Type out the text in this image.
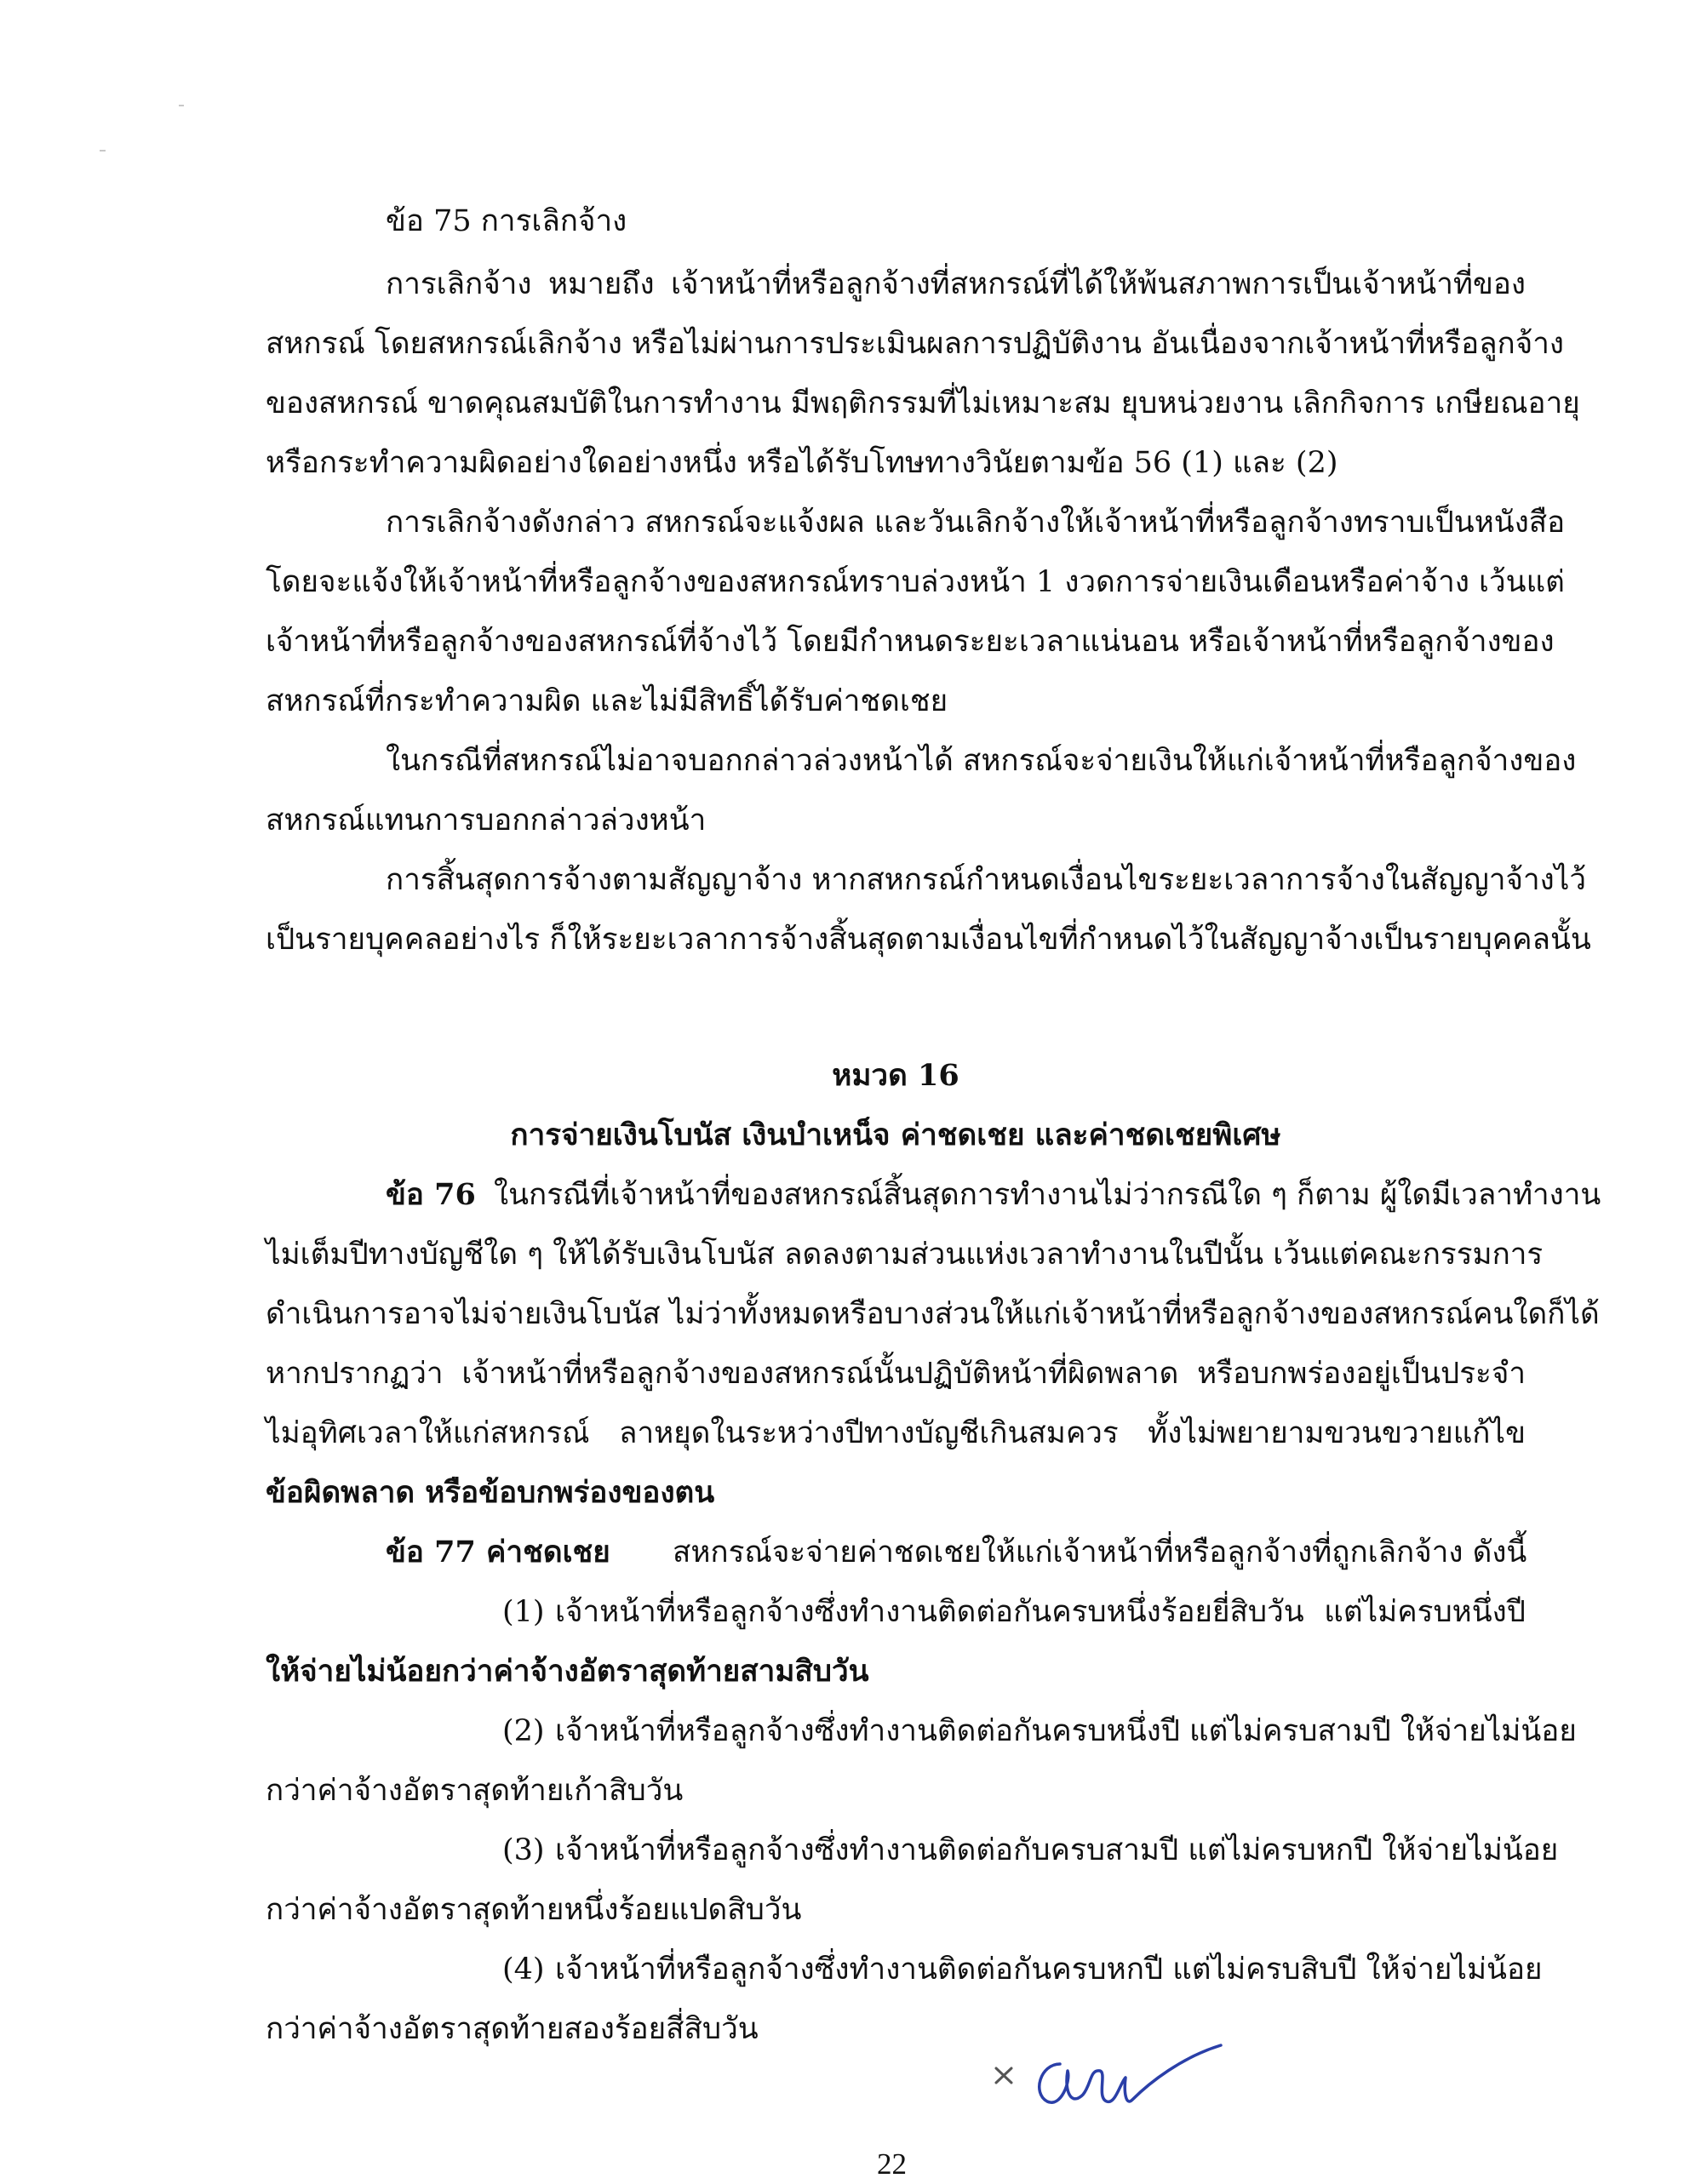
ข้อ 75 การเลิกจ้าง
การเลิกจ้าง หมายถึง เจ้าหน้าที่หรือลูกจ้างที่สหกรณ์ที่ได้ให้พ้นสภาพการเป็นเจ้าหน้าที่ของ
สหกรณ์ โดยสหกรณ์เลิกจ้าง หรือไม่ผ่านการประเมินผลการปฏิบัติงาน อันเนื่องจากเจ้าหน้าที่หรือลูกจ้าง
ของสหกรณ์ ขาดคุณสมบัติในการทำงาน มีพฤติกรรมที่ไม่เหมาะสม ยุบหน่วยงาน เลิกกิจการ เกษียณอายุ
หรือกระทำความผิดอย่างใดอย่างหนึ่ง หรือได้รับโทษทางวินัยตามข้อ 56 (1) และ (2)
การเลิกจ้างดังกล่าว สหกรณ์จะแจ้งผล และวันเลิกจ้างให้เจ้าหน้าที่หรือลูกจ้างทราบเป็นหนังสือ
โดยจะแจ้งให้เจ้าหน้าที่หรือลูกจ้างของสหกรณ์ทราบล่วงหน้า 1 งวดการจ่ายเงินเดือนหรือค่าจ้าง เว้นแต่
เจ้าหน้าที่หรือลูกจ้างของสหกรณ์ที่จ้างไว้ โดยมีกำหนดระยะเวลาแน่นอน หรือเจ้าหน้าที่หรือลูกจ้างของ
สหกรณ์ที่กระทำความผิด และไม่มีสิทธิ์ได้รับค่าชดเชย
ในกรณีที่สหกรณ์ไม่อาจบอกกล่าวล่วงหน้าได้ สหกรณ์จะจ่ายเงินให้แก่เจ้าหน้าที่หรือลูกจ้างของ
สหกรณ์แทนการบอกกล่าวล่วงหน้า
การสิ้นสุดการจ้างตามสัญญาจ้าง หากสหกรณ์กำหนดเงื่อนไขระยะเวลาการจ้างในสัญญาจ้างไว้
เป็นรายบุคคลอย่างไร ก็ให้ระยะเวลาการจ้างสิ้นสุดตามเงื่อนไขที่กำหนดไว้ในสัญญาจ้างเป็นรายบุคคลนั้น
หมวด 16
การจ่ายเงินโบนัส เงินบำเหน็จ ค่าชดเชย และค่าชดเชยพิเศษ
ข้อ 76 ในกรณีที่เจ้าหน้าที่ของสหกรณ์สิ้นสุดการทำงานไม่ว่ากรณีใด ๆ ก็ตาม ผู้ใดมีเวลาทำงาน
ไม่เต็มปีทางบัญชีใด ๆ ให้ได้รับเงินโบนัส ลดลงตามส่วนแห่งเวลาทำงานในปีนั้น เว้นแต่คณะกรรมการ
ดำเนินการอาจไม่จ่ายเงินโบนัส ไม่ว่าทั้งหมดหรือบางส่วนให้แก่เจ้าหน้าที่หรือลูกจ้างของสหกรณ์คนใดก็ได้
หากปรากฏว่า เจ้าหน้าที่หรือลูกจ้างของสหกรณ์นั้นปฏิบัติหน้าที่ผิดพลาด หรือบกพร่องอยู่เป็นประจำ
ไม่อุทิศเวลาให้แก่สหกรณ์ ลาหยุดในระหว่างปีทางบัญชีเกินสมควร ทั้งไม่พยายามขวนขวายแก้ไข
ข้อผิดพลาด หรือข้อบกพร่องของตน
ข้อ 77 ค่าชดเชย สหกรณ์จะจ่ายค่าชดเชยให้แก่เจ้าหน้าที่หรือลูกจ้างที่ถูกเลิกจ้าง ดังนี้
(1) เจ้าหน้าที่หรือลูกจ้างซึ่งทำงานติดต่อกันครบหนึ่งร้อยยี่สิบวัน แต่ไม่ครบหนึ่งปี
ให้จ่ายไม่น้อยกว่าค่าจ้างอัตราสุดท้ายสามสิบวัน
(2) เจ้าหน้าที่หรือลูกจ้างซึ่งทำงานติดต่อกันครบหนึ่งปี แต่ไม่ครบสามปี ให้จ่ายไม่น้อย
กว่าค่าจ้างอัตราสุดท้ายเก้าสิบวัน
(3) เจ้าหน้าที่หรือลูกจ้างซึ่งทำงานติดต่อกับครบสามปี แต่ไม่ครบหกปี ให้จ่ายไม่น้อย
กว่าค่าจ้างอัตราสุดท้ายหนึ่งร้อยแปดสิบวัน
(4) เจ้าหน้าที่หรือลูกจ้างซึ่งทำงานติดต่อกันครบหกปี แต่ไม่ครบสิบปี ให้จ่ายไม่น้อย
กว่าค่าจ้างอัตราสุดท้ายสองร้อยสี่สิบวัน
22
